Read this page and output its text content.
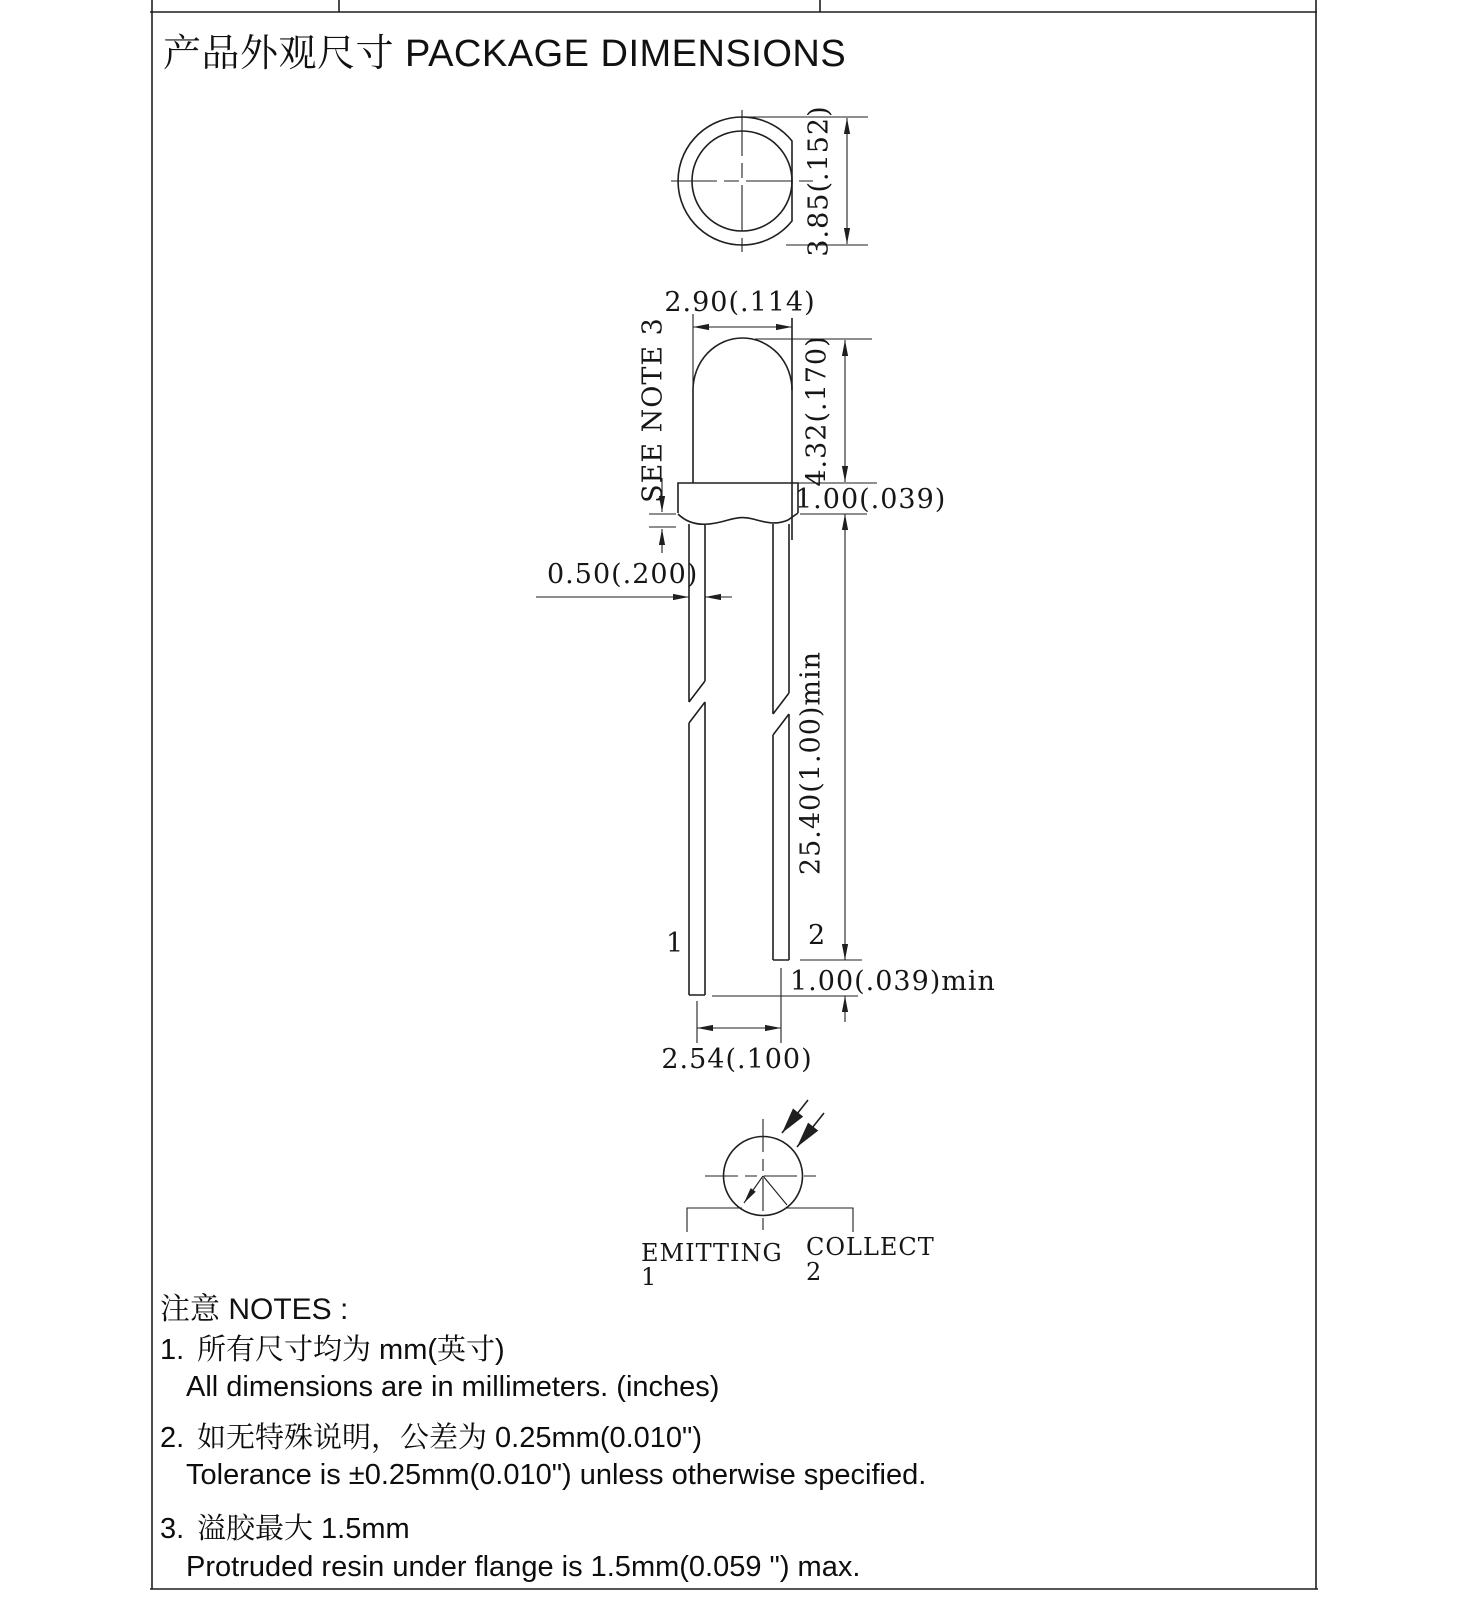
产品外观尺寸 PACKAGE DIMENSIONS
3.85(.152)
2.90(.114)
SEE NOTE 3	4.32(.170)
1.00(.039)
0.50(.200)
25.40(1.00)min
1	2
1.00(.039)min
2.54(.100)
EMITTING
1
COLLECT
2
注意 NOTES :
1. 所有尺寸均为 mm(英寸)
All dimensions are in millimeters. (inches)
2. 如无特殊说明，公差为 0.25mm(0.010")
Tolerance is ±0.25mm(0.010") unless otherwise specified.
3. 溢胶最大 1.5mm
Protruded resin under flange is 1.5mm(0.059 ") max.
